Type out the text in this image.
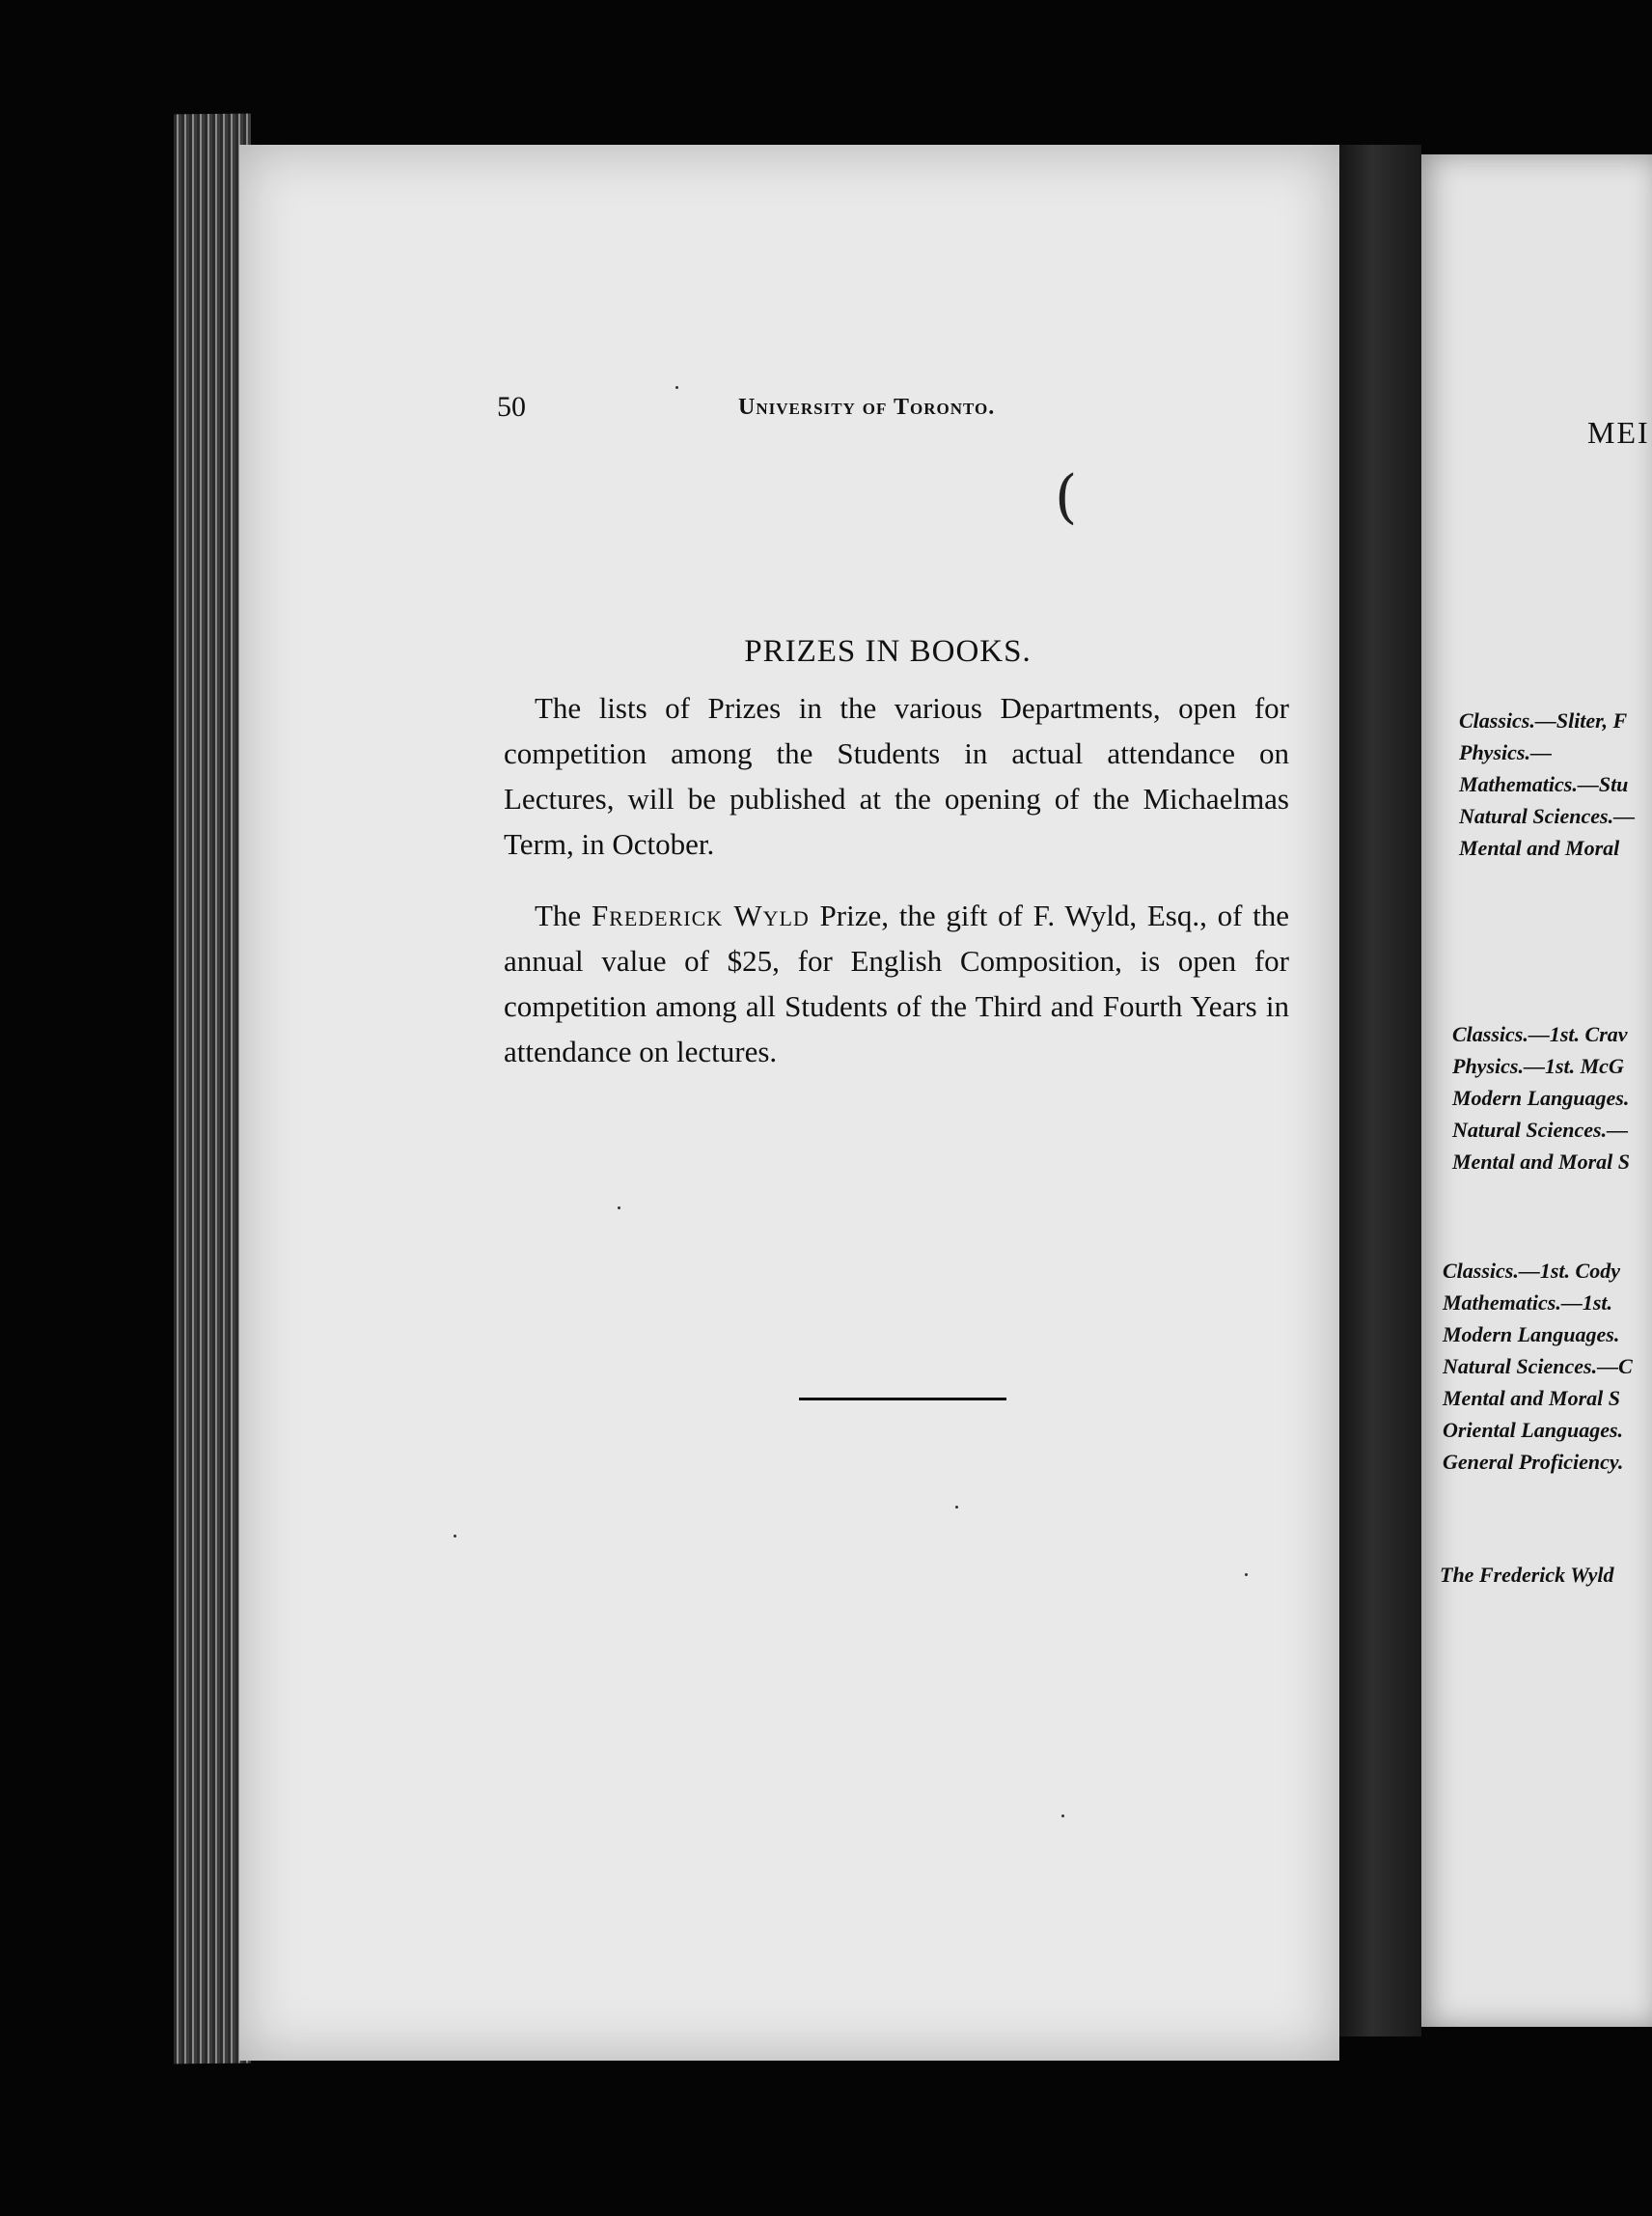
50	University of Toronto.
(
PRIZES IN BOOKS.
The lists of Prizes in the various Departments, open for competition among the Students in actual attendance on Lectures, will be published at the opening of the Michaelmas Term, in October.
The Frederick Wyld Prize, the gift of F. Wyld, Esq., of the annual value of $25, for English Composition, is open for competition among all Students of the Third and Fourth Years in attendance on lectures.
MEI
Classics.—Sliter, F
Physics.—
Mathematics.—Stu
Natural Sciences.—
Mental and Moral
Classics.—1st. Crav
Physics.—1st. McG
Modern Languages.
Natural Sciences.—
Mental and Moral S
Classics.—1st. Cody
Mathematics.—1st.
Modern Languages.
Natural Sciences.—C
Mental and Moral S
Oriental Languages.
General Proficiency.
The Frederick Wyld
